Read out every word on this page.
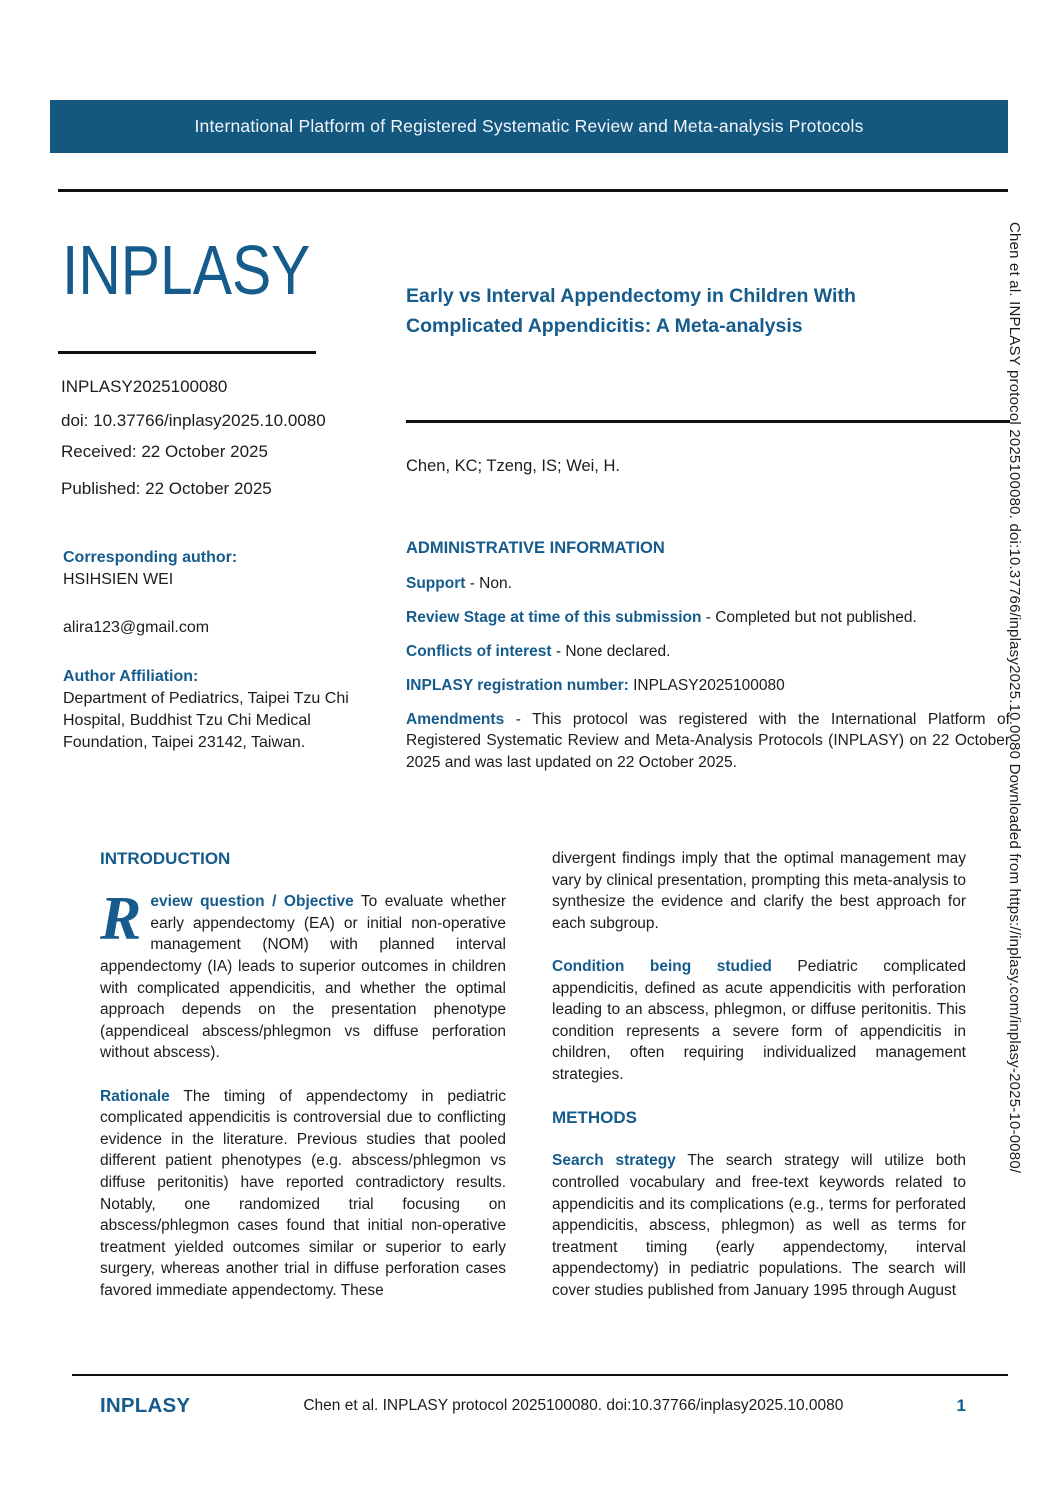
International Platform of Registered Systematic Review and Meta-analysis Protocols
INPLASY
INPLASY2025100080
doi: 10.37766/inplasy2025.10.0080
Received: 22 October 2025
Published: 22 October 2025
Early vs Interval Appendectomy in Children With Complicated Appendicitis: A Meta-analysis
Chen, KC; Tzeng, IS; Wei, H.
Corresponding author:
HSIHSIEN WEI
alira123@gmail.com
Author Affiliation:
Department of Pediatrics, Taipei Tzu Chi Hospital, Buddhist Tzu Chi Medical Foundation, Taipei 23142, Taiwan.
ADMINISTRATIVE INFORMATION

Support - Non.

Review Stage at time of this submission - Completed but not published.

Conflicts of interest - None declared.

INPLASY registration number: INPLASY2025100080

Amendments - This protocol was registered with the International Platform of Registered Systematic Review and Meta-Analysis Protocols (INPLASY) on 22 October 2025 and was last updated on 22 October 2025.

INTRODUCTION

Review question / Objective To evaluate whether early appendectomy (EA) or initial non-operative management (NOM) with planned interval appendectomy (IA) leads to superior outcomes in children with complicated appendicitis, and whether the optimal approach depends on the presentation phenotype (appendiceal abscess/phlegmon vs diffuse perforation without abscess).

Rationale The timing of appendectomy in pediatric complicated appendicitis is controversial due to conflicting evidence in the literature. Previous studies that pooled different patient phenotypes (e.g. abscess/phlegmon vs diffuse peritonitis) have reported contradictory results. Notably, one randomized trial focusing on abscess/phlegmon cases found that initial non-operative treatment yielded outcomes similar or superior to early surgery, whereas another trial in diffuse perforation cases favored immediate appendectomy. These

divergent findings imply that the optimal management may vary by clinical presentation, prompting this meta-analysis to synthesize the evidence and clarify the best approach for each subgroup.

Condition being studied Pediatric complicated appendicitis, defined as acute appendicitis with perforation leading to an abscess, phlegmon, or diffuse peritonitis. This condition represents a severe form of appendicitis in children, often requiring individualized management strategies.

METHODS

Search strategy The search strategy will utilize both controlled vocabulary and free-text keywords related to appendicitis and its complications (e.g., terms for perforated appendicitis, abscess, phlegmon) as well as terms for treatment timing (early appendectomy, interval appendectomy) in pediatric populations. The search will cover studies published from January 1995 through August

Chen et al. INPLASY protocol 2025100080. doi:10.37766/inplasy2025.10.0080 Downloaded from https://inplasy.com/inplasy-2025-10-0080/
INPLASY	Chen et al. INPLASY protocol 2025100080. doi:10.37766/inplasy2025.10.0080	1
